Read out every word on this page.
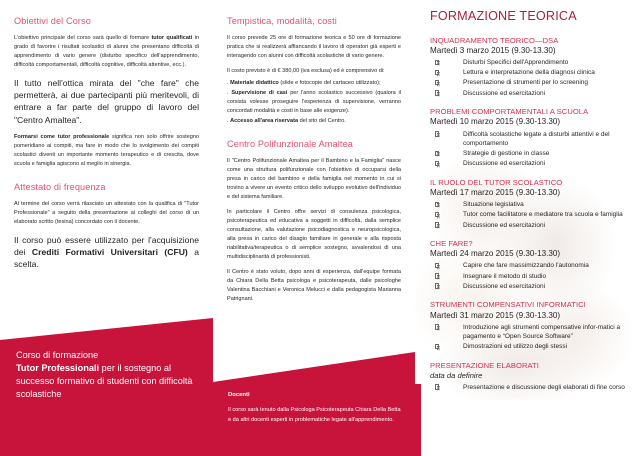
Obiettivi del Corso

L'obiettivo principale del corso sarà quello di formare tutor qualificati in grado di favorire i risultati scolastici di alunni che presentano difficoltà di apprendimento di vario genere (disturbo specifico dell'apprendimento, difficoltà comportamentali, difficoltà cognitive, difficoltà attentive, ecc.).

Il tutto nell'ottica mirata del "che fare" che permetterà, ai due partecipanti più meritevoli, di entrare a far parte del gruppo di lavoro del "Centro Amaltea".

Formarsi come tutor professionale significa non solo offrire sostegno pomeridiano ai compiti, ma fare in modo che lo svolgimento dei compiti scolastici diventi un importante momento terapeutico e di crescita, dove scuola e famiglia agiscono al meglio in sinergia.

Attestato di frequenza

Al termine del corso verrà rilasciato un attestato con la qualifica di "Tutor Professionale" a seguito della presentazione ai colleghi del corso di un elaborato scritto (tesina) concordato con il docente.

Il corso può essere utilizzato per l'acquisizione dei Crediti Formativi Universitari (CFU) a scelta.

Corso di formazione
Tutor Professionali per il sostegno al successo formativo di studenti con difficoltà scolastiche
Tempistica, modalità, costi

Il corso prevede 25 ore di formazione teorica e 50 ore di formazione pratica che si realizzerà affiancando il lavoro di operatori già esperti e interagendo con alunni con difficoltà scolastiche di vario genere.

Il costo previsto è di € 380,00 (iva esclusa) ed è comprensivo di:

. Materiale didattico (slide e fotocopie del cartaceo utilizzato);
. Supervisione di casi per l'anno scolastico successivo (qualora il corsista volesse proseguire l'esperienza di supervisione, verranno concordati modalità e costi in base alle esigenze).
. Accesso all'area riservata del sito del Centro.
Centro Polifunzionale Amaltea

Il "Centro Polifunzionale Amaltea per il Bambino e la Famiglia" nasce come una struttura polifunzionale con l'obiettivo di occuparsi della presa in carico del bambino e della famiglia nel momento in cui si trovino a vivere un evento critico dello sviluppo evolutivo dell'individuo e del sistema familiare.

In particolare il Centro offre servizi di consulenza psicologica, psicoterapeutica ed educativa a soggetti in difficoltà, dalla semplice consultazione, alla valutazione psicodiagnostica e neuropsicologica, alla presa in carico del disagio familiare in generale e alla risposta riabilitativa/terapeutica o di semplice sostegno, avvalendosi di una multidisciplinarità di professionisti.

Il Centro è stato voluto, dopo anni di esperienza, dall'equipe formata da Chiara Della Betta psicologa e psicoterapeuta, dalle psicologhe Valentina Bacchiani e Veronica Melucci e dalla pedagogista Marianna Patrignani.

Docenti
Il corso sarà tenuto dalla Psicologa Psicoterapeuta Chiara Della Betta e da altri docenti esperti in problematiche legate all'apprendimento.
FORMAZIONE TEORICA
INQUADRAMENTO TEORICO—DSA
Martedì 3 marzo 2015 (9.30-13.30)
Disturbi Specifici dell'Apprendimento
Lettura e interpretazione della diagnosi clinica
Presentazione di strumenti per lo screening
Discussione ed esercitazioni
PROBLEMI COMPORTAMENTALI A SCUOLA
Martedì 10 marzo 2015 (9.30-13.30)
Difficoltà scolastiche legate a disturbi attentivi e del comportamento
Strategie di gestione in classe
Discussione ed esercitazioni
IL RUOLO DEL TUTOR SCOLASTICO
Martedì 17 marzo 2015 (9.30-13.30)
Situazione legislativa
Tutor come facilitatore e mediatore tra scuola e famiglia
Discussione ed esercitazioni
CHE FARE?
Martedì 24 marzo 2015 (9.30-13.30)
Capire che fare massimizzando l'autonomia
Insegnare il metodo di studio
Discussione ed esercitazioni
STRUMENTI COMPENSATIVI INFORMATICI
Martedì 31 marzo 2015 (9.30-13.30)
Introduzione agli strumenti compensative infor-matici a pagamento e “Open Source Software”
Dimostrazioni ed utilizzo degli stessi
PRESENTAZIONE ELABORATI
data da definire
Presentazione e discussione degli elaborati di fine corso
